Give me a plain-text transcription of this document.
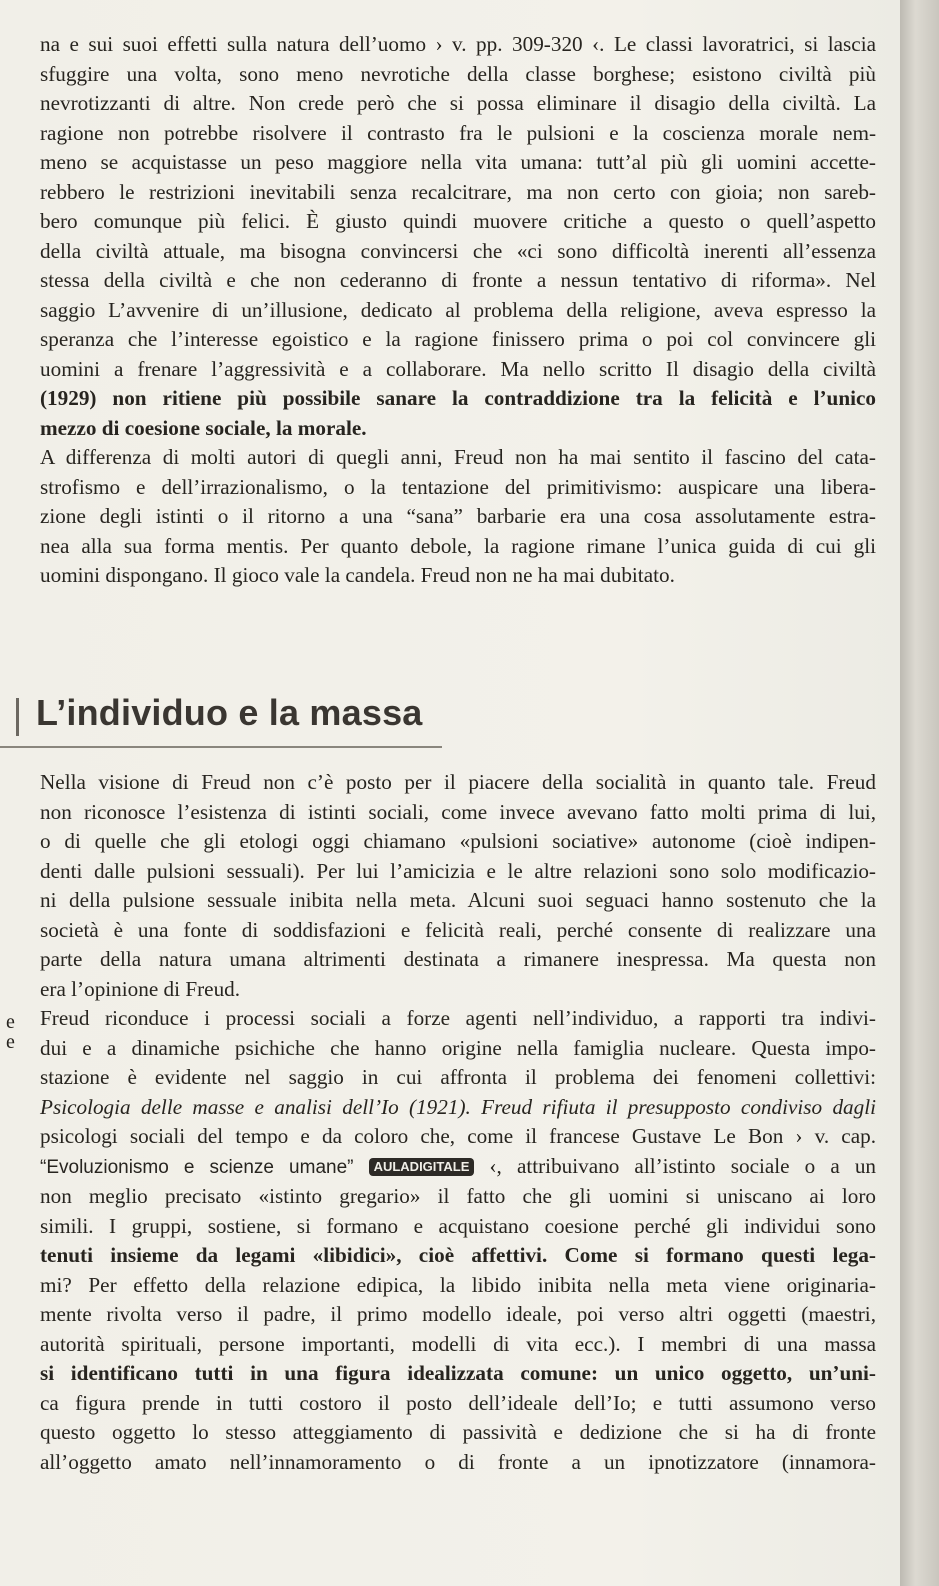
na e sui suoi effetti sulla natura dell’uomo › v. pp. 309-320 ‹. Le classi lavoratrici, si lascia
sfuggire una volta, sono meno nevrotiche della classe borghese; esistono civiltà più
nevrotizzanti di altre. Non crede però che si possa eliminare il disagio della civiltà. La
ragione non potrebbe risolvere il contrasto fra le pulsioni e la coscienza morale nem-
meno se acquistasse un peso maggiore nella vita umana: tutt’al più gli uomini accette-
rebbero le restrizioni inevitabili senza recalcitrare, ma non certo con gioia; non sareb-
bero comunque più felici. È giusto quindi muovere critiche a questo o quell’aspetto
della civiltà attuale, ma bisogna convincersi che «ci sono difficoltà inerenti all’essenza
stessa della civiltà e che non cederanno di fronte a nessun tentativo di riforma». Nel
saggio L’avvenire di un’illusione, dedicato al problema della religione, aveva espresso la
speranza che l’interesse egoistico e la ragione finissero prima o poi col convincere gli
uomini a frenare l’aggressività e a collaborare. Ma nello scritto Il disagio della civiltà
(1929) non ritiene più possibile sanare la contraddizione tra la felicità e l’unico
mezzo di coesione sociale, la morale.
A differenza di molti autori di quegli anni, Freud non ha mai sentito il fascino del cata-
strofismo e dell’irrazionalismo, o la tentazione del primitivismo: auspicare una libera-
zione degli istinti o il ritorno a una “sana” barbarie era una cosa assolutamente estra-
nea alla sua forma mentis. Per quanto debole, la ragione rimane l’unica guida di cui gli
uomini dispongano. Il gioco vale la candela. Freud non ne ha mai dubitato.
L’individuo e la massa
Nella visione di Freud non c’è posto per il piacere della socialità in quanto tale. Freud
non riconosce l’esistenza di istinti sociali, come invece avevano fatto molti prima di lui,
o di quelle che gli etologi oggi chiamano «pulsioni sociative» autonome (cioè indipen-
denti dalle pulsioni sessuali). Per lui l’amicizia e le altre relazioni sono solo modificazio-
ni della pulsione sessuale inibita nella meta. Alcuni suoi seguaci hanno sostenuto che la
società è una fonte di soddisfazioni e felicità reali, perché consente di realizzare una
parte della natura umana altrimenti destinata a rimanere inespressa. Ma questa non
era l’opinione di Freud.
Freud riconduce i processi sociali a forze agenti nell’individuo, a rapporti tra indivi-
dui e a dinamiche psichiche che hanno origine nella famiglia nucleare. Questa impo-
stazione è evidente nel saggio in cui affronta il problema dei fenomeni collettivi:
Psicologia delle masse e analisi dell’Io (1921). Freud rifiuta il presupposto condiviso dagli
psicologi sociali del tempo e da coloro che, come il francese Gustave Le Bon › v. cap.
“Evoluzionismo e scienze umane” AULADIGITALE ‹, attribuivano all’istinto sociale o a un
non meglio precisato «istinto gregario» il fatto che gli uomini si uniscano ai loro
simili. I gruppi, sostiene, si formano e acquistano coesione perché gli individui sono
tenuti insieme da legami «libidici», cioè affettivi. Come si formano questi lega-
mi? Per effetto della relazione edipica, la libido inibita nella meta viene originaria-
mente rivolta verso il padre, il primo modello ideale, poi verso altri oggetti (maestri,
autorità spirituali, persone importanti, modelli di vita ecc.). I membri di una massa
si identificano tutti in una figura idealizzata comune: un unico oggetto, un’uni-
ca figura prende in tutti costoro il posto dell’ideale dell’Io; e tutti assumono verso
questo oggetto lo stesso atteggiamento di passività e dedizione che si ha di fronte
all’oggetto amato nell’innamoramento o di fronte a un ipnotizzatore (innamora-
e
e
